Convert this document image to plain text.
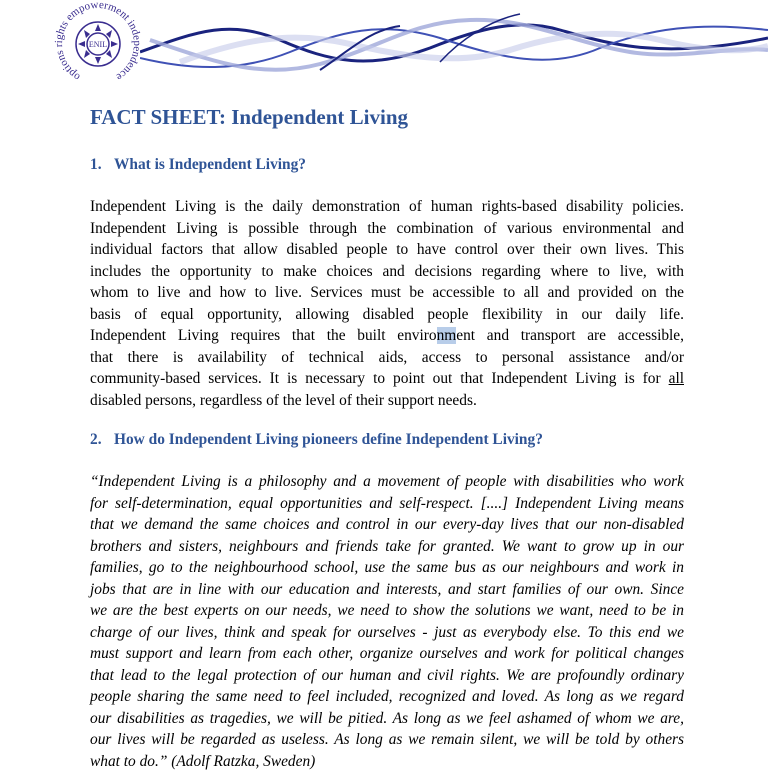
ENIL
options rights empowerment independence
FACT SHEET: Independent Living
1. What is Independent Living?
Independent Living is the daily demonstration of human rights-based disability policies.
Independent Living is possible through the combination of various environmental and
individual factors that allow disabled people to have control over their own lives. This
includes the opportunity to make choices and decisions regarding where to live, with
whom to live and how to live. Services must be accessible to all and provided on the
basis of equal opportunity, allowing disabled people flexibility in our daily life.
Independent Living requires that the built environment and transport are accessible,
that there is availability of technical aids, access to personal assistance and/or
community-based services. It is necessary to point out that Independent Living is for all
disabled persons, regardless of the level of their support needs.
2. How do Independent Living pioneers define Independent Living?
“Independent Living is a philosophy and a movement of people with disabilities who work
for self-determination, equal opportunities and self-respect. [....] Independent Living means
that we demand the same choices and control in our every-day lives that our non-disabled
brothers and sisters, neighbours and friends take for granted. We want to grow up in our
families, go to the neighbourhood school, use the same bus as our neighbours and work in
jobs that are in line with our education and interests, and start families of our own. Since
we are the best experts on our needs, we need to show the solutions we want, need to be in
charge of our lives, think and speak for ourselves - just as everybody else. To this end we
must support and learn from each other, organize ourselves and work for political changes
that lead to the legal protection of our human and civil rights. We are profoundly ordinary
people sharing the same need to feel included, recognized and loved. As long as we regard
our disabilities as tragedies, we will be pitied. As long as we feel ashamed of whom we are,
our lives will be regarded as useless. As long as we remain silent, we will be told by others
what to do.” (Adolf Ratzka, Sweden)
